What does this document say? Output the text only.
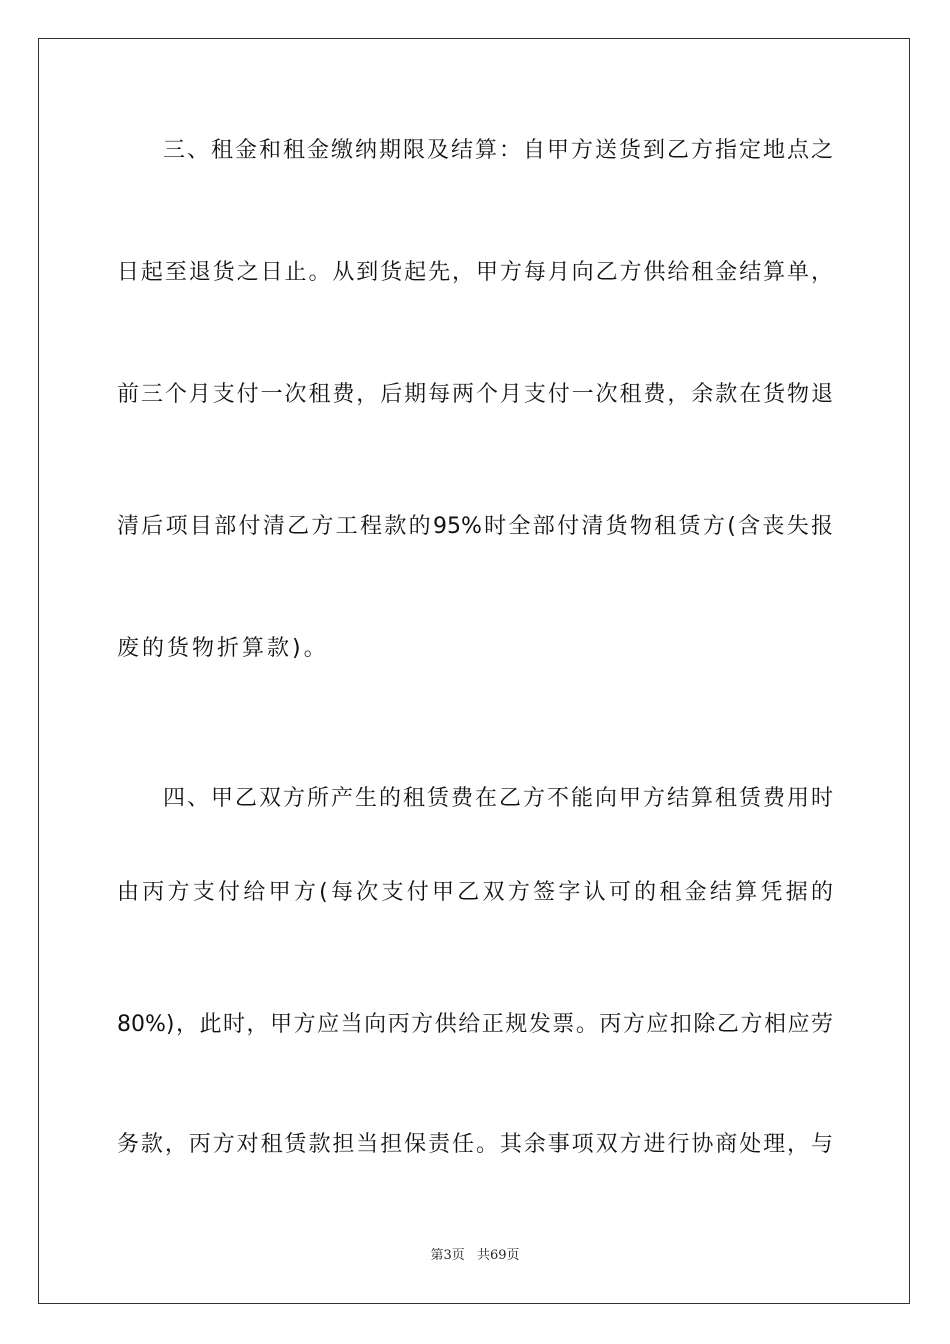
三、租金和租金缴纳期限及结算：自甲方送货到乙方指定地点之
日起至退货之日止。从到货起先，甲方每月向乙方供给租金结算单，
前三个月支付一次租费，后期每两个月支付一次租费，余款在货物退
清后项目部付清乙方工程款的95%时全部付清货物租赁方(含丧失报
废的货物折算款)。
四、甲乙双方所产生的租赁费在乙方不能向甲方结算租赁费用时
由丙方支付给甲方(每次支付甲乙双方签字认可的租金结算凭据的
80%)，此时，甲方应当向丙方供给正规发票。丙方应扣除乙方相应劳
务款，丙方对租赁款担当担保责任。其余事项双方进行协商处理，与
第3页 共69页
